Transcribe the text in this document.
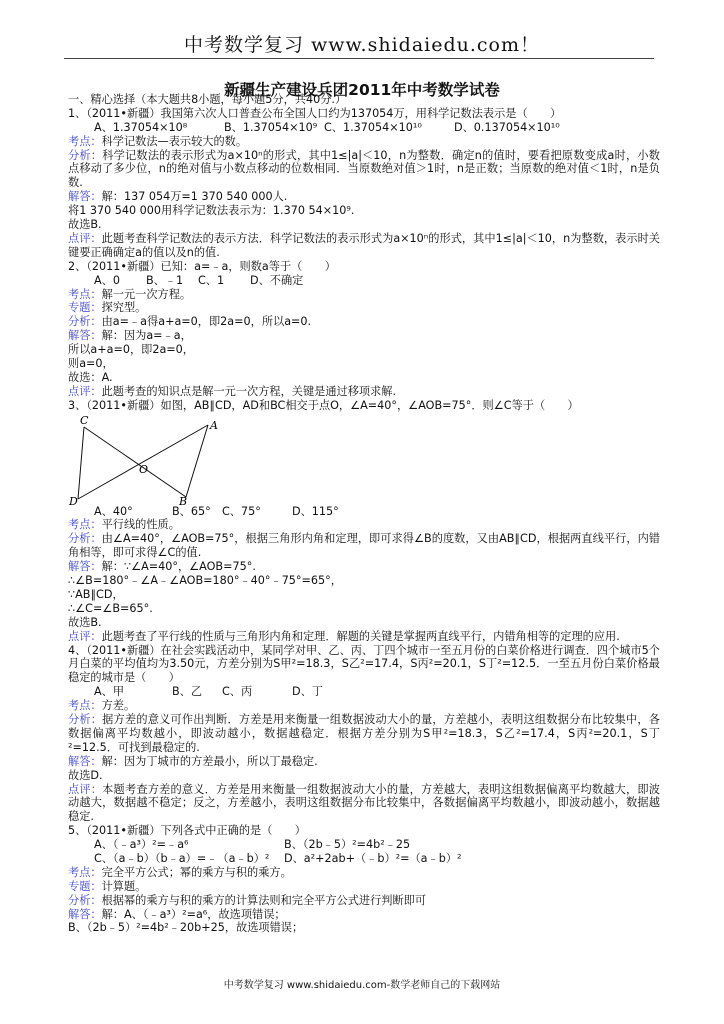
中考数学复习 www.shidaiedu.com！
新疆生产建设兵团2011年中考数学试卷
一、精心选择（本大题共8小题，每小题5分，共40分.）
1、（2011•新疆）我国第六次人口普查公布全国人口约为137054万，用科学记数法表示是（　　）
A、1.37054×10⁸	B、1.37054×10⁹ C、1.37054×10¹⁰	D、0.137054×10¹⁰
考点：科学记数法—表示较大的数。
分析：科学记数法的表示形式为a×10ⁿ的形式，其中1≤|a|＜10，n为整数．确定n的值时，要看把原数变成a时，小数点移动了多少位，n的绝对值与小数点移动的位数相同．当原数绝对值＞1时，n是正数；当原数的绝对值＜1时，n是负数.
解答：解：137 054万=1 370 540 000人.
将1 370 540 000用科学记数法表示为：1.370 54×10⁹.
故选B.
点评：此题考查科学记数法的表示方法．科学记数法的表示形式为a×10ⁿ的形式，其中1≤|a|＜10，n为整数，表示时关键要正确确定a的值以及n的值.
2、（2011•新疆）已知：a=﹣a，则数a等于（　　）
A、0 B、﹣1 C、1 D、不确定
考点：解一元一次方程。
专题：探究型。
分析：由a=﹣a得a+a=0，即2a=0，所以a=0.
解答：解：因为a=﹣a，
所以a+a=0，即2a=0，
则a=0，
故选：A.
点评：此题考查的知识点是解一元一次方程，关键是通过移项求解.
3、（2011•新疆）如图，AB∥CD，AD和BC相交于点O，∠A=40°，∠AOB=75°．则∠C等于（　　）
C	A
O
B
D
A、40°	B、65° C、75°	D、115°
考点：平行线的性质。
分析：由∠A=40°，∠AOB=75°，根据三角形内角和定理，即可求得∠B的度数，又由AB∥CD，根据两直线平行，内错角相等，即可求得∠C的值.
解答：解：∵∠A=40°，∠AOB=75°.
∴∠B=180°﹣∠A﹣∠AOB=180°﹣40°﹣75°=65°，
∵AB∥CD，
∴∠C=∠B=65°.
故选B.
点评：此题考查了平行线的性质与三角形内角和定理．解题的关键是掌握两直线平行，内错角相等的定理的应用.
4、（2011•新疆）在社会实践活动中，某同学对甲、乙、丙、丁四个城市一至五月份的白菜价格进行调查．四个城市5个月白菜的平均值均为3.50元，方差分别为S甲²=18.3，S乙²=17.4，S丙²=20.1，S丁²=12.5．一至五月份白菜价格最稳定的城市是（　　）
A、甲	B、乙 C、丙	D、丁
考点：方差。
分析：据方差的意义可作出判断．方差是用来衡量一组数据波动大小的量，方差越小，表明这组数据分布比较集中，各数据偏离平均数越小，即波动越小，数据越稳定．根据方差分别为S甲²=18.3，S乙²=17.4，S丙²=20.1，S丁²=12.5．可找到最稳定的.
解答：解：因为丁城市的方差最小，所以丁最稳定.
故选D.
点评：本题考查方差的意义．方差是用来衡量一组数据波动大小的量，方差越大，表明这组数据偏离平均数越大，即波动越大，数据越不稳定；反之，方差越小，表明这组数据分布比较集中，各数据偏离平均数越小，即波动越小，数据越稳定.
5、（2011•新疆）下列各式中正确的是（　　）
A、（﹣a³）²=﹣a⁶	B、（2b﹣5）²=4b²﹣25
C、（a﹣b）（b﹣a）=﹣（a﹣b）² D、a²+2ab+（﹣b）²=（a﹣b）²
考点：完全平方公式；幂的乘方与积的乘方。
专题：计算题。
分析：根据幂的乘方与积的乘方的计算法则和完全平方公式进行判断即可
解答：解：A、（﹣a³）²=a⁶，故选项错误；
B、（2b﹣5）²=4b²﹣20b+25，故选项错误；
中考数学复习 www.shidaiedu.com-数学老师自己的下载网站
